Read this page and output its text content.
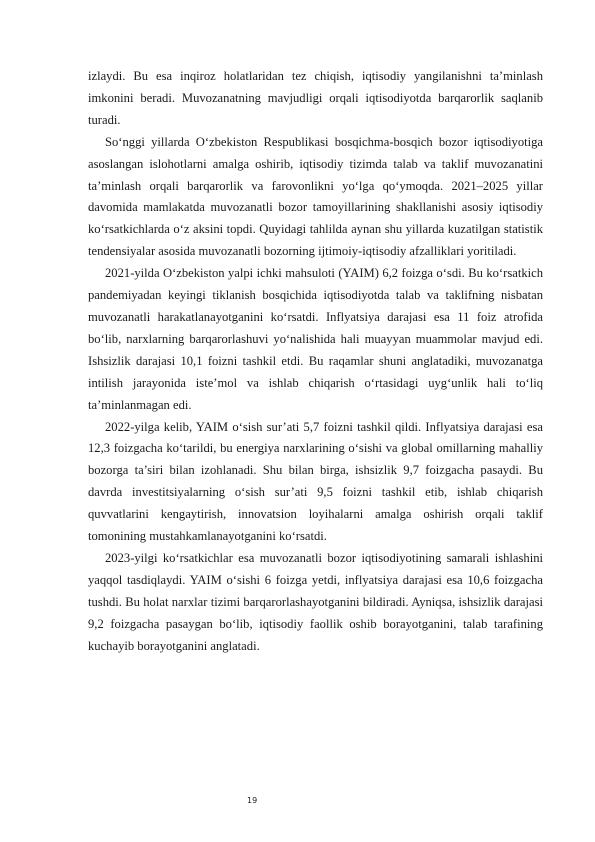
izlaydi. Bu esa inqiroz holatlaridan tez chiqish, iqtisodiy yangilanishni ta’minlash imkonini beradi. Muvozanatning mavjudligi orqali iqtisodiyotda barqarorlik saqlanib turadi.

So‘nggi yillarda O‘zbekiston Respublikasi bosqichma-bosqich bozor iqtisodiyotiga asoslangan islohotlarni amalga oshirib, iqtisodiy tizimda talab va taklif muvozanatini ta’minlash orqali barqarorlik va farovonlikni yo‘lga qo‘ymoqda. 2021–2025 yillar davomida mamlakatda muvozanatli bozor tamoyillarining shakllanishi asosiy iqtisodiy ko‘rsatkichlarda o‘z aksini topdi. Quyidagi tahlilda aynan shu yillarda kuzatilgan statistik tendensiyalar asosida muvozanatli bozorning ijtimoiy-iqtisodiy afzalliklari yoritiladi.

2021-yilda O‘zbekiston yalpi ichki mahsuloti (YAIM) 6,2 foizga o‘sdi. Bu ko‘rsatkich pandemiyadan keyingi tiklanish bosqichida iqtisodiyotda talab va taklifning nisbatan muvozanatli harakatlanayotganini ko‘rsatdi. Inflyatsiya darajasi esa 11 foiz atrofida bo‘lib, narxlarning barqarorlashuvi yo‘nalishida hali muayyan muammolar mavjud edi. Ishsizlik darajasi 10,1 foizni tashkil etdi. Bu raqamlar shuni anglatadiki, muvozanatga intilish jarayonida iste’mol va ishlab chiqarish o‘rtasidagi uyg‘unlik hali to‘liq ta’minlanmagan edi.

2022-yilga kelib, YAIM o‘sish sur’ati 5,7 foizni tashkil qildi. Inflyatsiya darajasi esa 12,3 foizgacha ko‘tarildi, bu energiya narxlarining o‘sishi va global omillarning mahalliy bozorga ta’siri bilan izohlanadi. Shu bilan birga, ishsizlik 9,7 foizgacha pasaydi. Bu davrda investitsiyalarning o‘sish sur’ati 9,5 foizni tashkil etib, ishlab chiqarish quvvatlarini kengaytirish, innovatsion loyihalarni amalga oshirish orqali taklif tomonining mustahkamlanayotganini ko‘rsatdi.

2023-yilgi ko‘rsatkichlar esa muvozanatli bozor iqtisodiyotining samarali ishlashini yaqqol tasdiqlaydi. YAIM o‘sishi 6 foizga yetdi, inflyatsiya darajasi esa 10,6 foizgacha tushdi. Bu holat narxlar tizimi barqarorlashayotganini bildiradi. Ayniqsa, ishsizlik darajasi 9,2 foizgacha pasaygan bo‘lib, iqtisodiy faollik oshib borayotganini, talab tarafining kuchayib borayotganini anglatadi.

19
